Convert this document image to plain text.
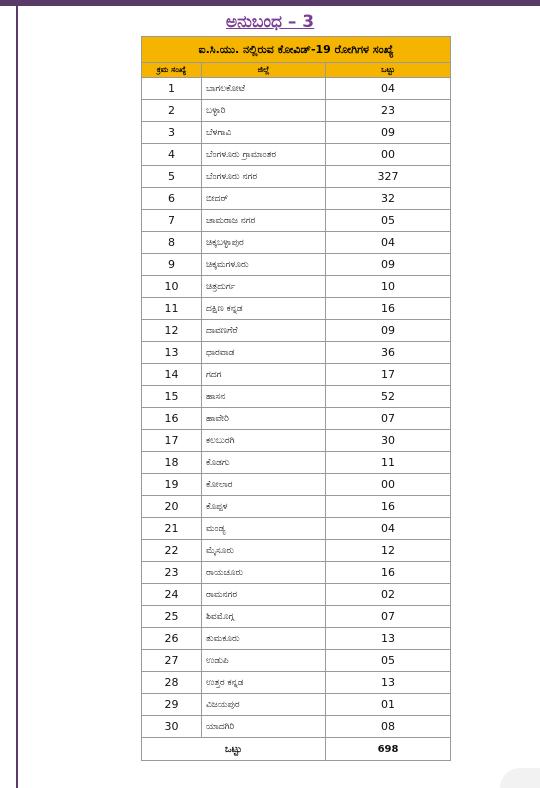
ಅನುಬಂಧ – 3
ಐ.ಸಿ.ಯು. ನಲ್ಲಿರುವ ಕೋವಿಡ್‌-19 ರೋಗಿಗಳ ಸಂಖ್ಯೆ		
ಕ್ರಮ ಸಂಖ್ಯೆ	ಜಿಲ್ಲೆ	ಒಟ್ಟು
1	ಬಾಗಲಕೋಟೆ	04
2	ಬಳ್ಳಾರಿ	23
3	ಬೆಳಗಾವಿ	09
4	ಬೆಂಗಳೂರು ಗ್ರಾಮಾಂತರ	00
5	ಬೆಂಗಳೂರು ನಗರ	327
6	ಬೀದರ್‌	32
7	ಚಾಮರಾಜ ನಗರ	05
8	ಚಿಕ್ಕಬಳ್ಳಾಪುರ	04
9	ಚಿಕ್ಕಮಗಳೂರು	09
10	ಚಿತ್ರದುರ್ಗ	10
11	ದಕ್ಷಿಣ ಕನ್ನಡ	16
12	ದಾವಣಗೆರೆ	09
13	ಧಾರವಾಡ	36
14	ಗದಗ	17
15	ಹಾಸನ	52
16	ಹಾವೇರಿ	07
17	ಕಲಬುರಗಿ	30
18	ಕೊಡಗು	11
19	ಕೋಲಾರ	00
20	ಕೊಪ್ಪಳ	16
21	ಮಂಡ್ಯ	04
22	ಮೈಸೂರು	12
23	ರಾಯಚೂರು	16
24	ರಾಮನಗರ	02
25	ಶಿವಮೊಗ್ಗ	07
26	ತುಮಕೂರು	13
27	ಉಡುಪಿ	05
28	ಉತ್ತರ ಕನ್ನಡ	13
29	ವಿಜಯಪುರ	01
30	ಯಾದಗಿರಿ	08
ಒಟ್ಟು		698
